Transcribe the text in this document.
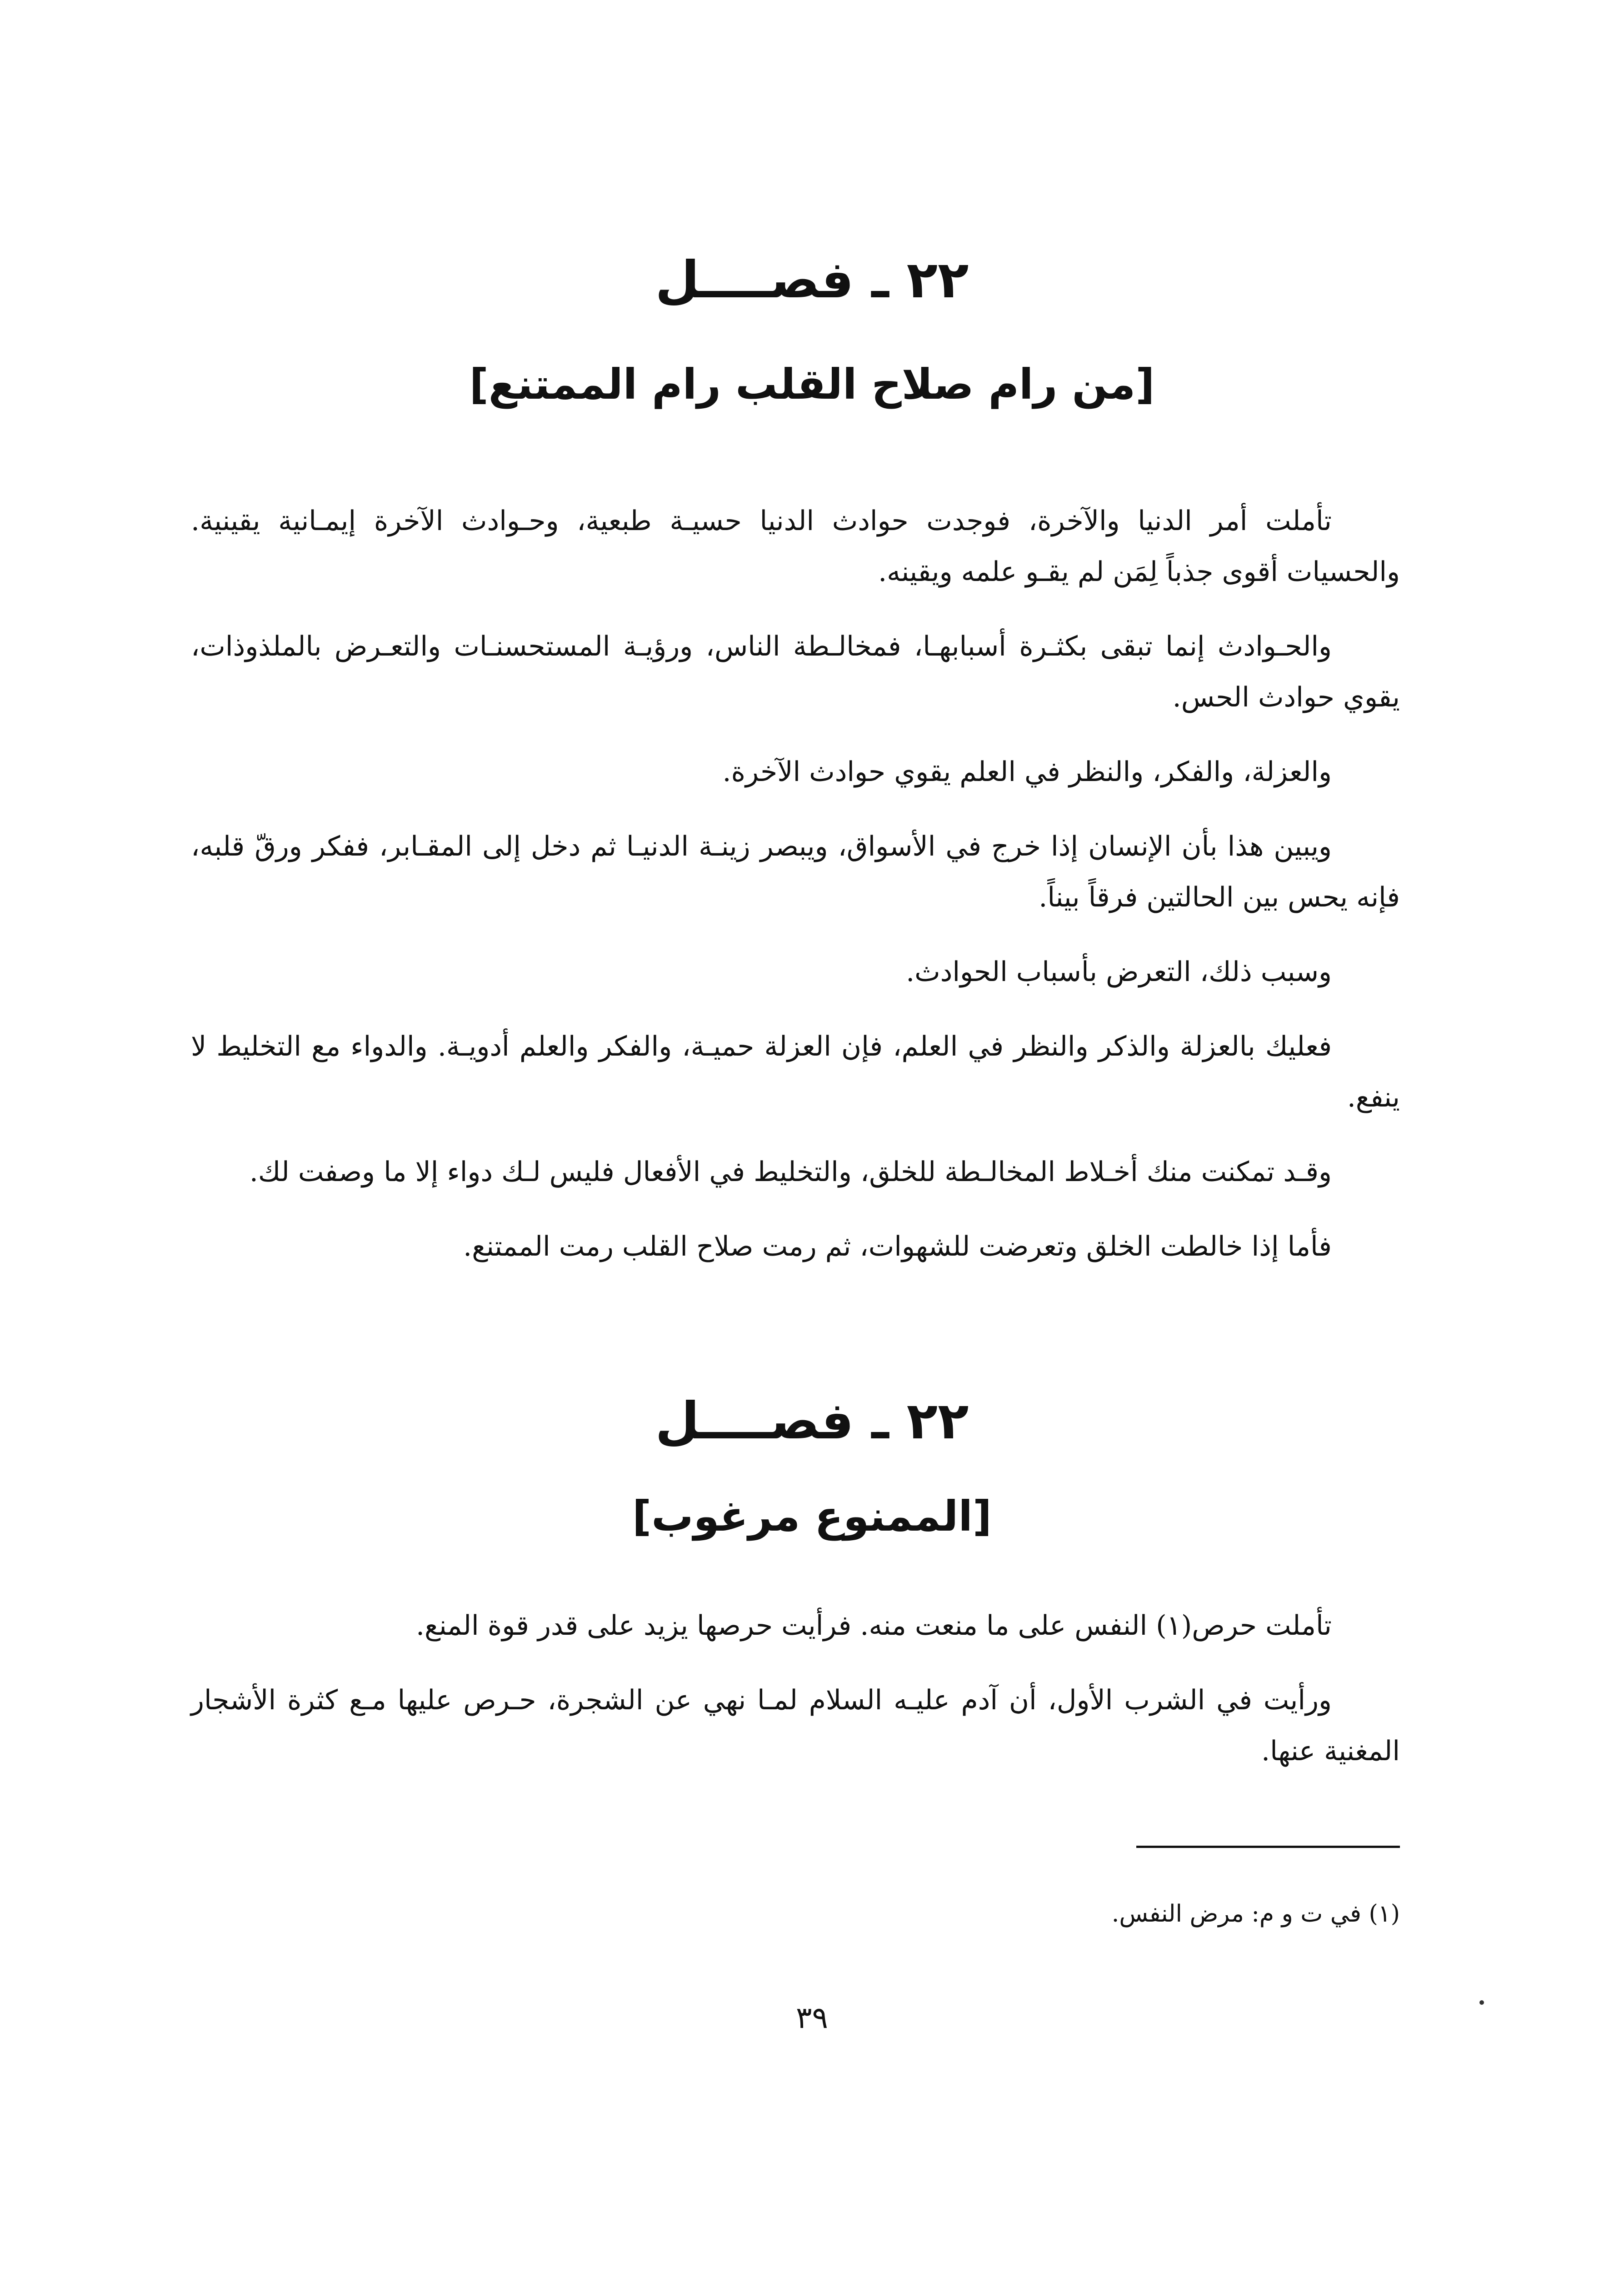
٢٢ ـ فصــــل
[من رام صلاح القلب رام الممتنع]

تأملت أمر الدنيا والآخرة، فوجدت حوادث الدنيا حسيـة طبعية، وحـوادث الآخرة إيمـانية يقينية. والحسيات أقوى جذباً لِمَن لم يقـو علمه ويقينه.

والحـوادث إنما تبقى بكثـرة أسبابهـا، فمخالـطة الناس، ورؤيـة المستحسنـات والتعـرض بالملذوذات، يقوي حوادث الحس.

والعزلة، والفكر، والنظر في العلم يقوي حوادث الآخرة.

ويبين هذا بأن الإنسان إذا خرج في الأسواق، ويبصر زينـة الدنيـا ثم دخل إلى المقـابر، ففكر ورقّ قلبه، فإنه يحس بين الحالتين فرقاً بيناً.

وسبب ذلك، التعرض بأسباب الحوادث.

فعليك بالعزلة والذكر والنظر في العلم، فإن العزلة حميـة، والفكر والعلم أدويـة. والدواء مع التخليط لا ينفع.

وقـد تمكنت منك أخـلاط المخالـطة للخلق، والتخليط في الأفعال فليس لـك دواء إلا ما وصفت لك.

فأما إذا خالطت الخلق وتعرضت للشهوات، ثم رمت صلاح القلب رمت الممتنع.

٢٢ ـ فصــــل
[الممنوع مرغوب]

تأملت حرص(١) النفس على ما منعت منه. فرأيت حرصها يزيد على قدر قوة المنع.

ورأيت في الشرب الأول، أن آدم عليـه السلام لمـا نهي عن الشجرة، حـرص عليها مـع كثرة الأشجار المغنية عنها.

(١) في ت و م: مرض النفس.
٣٩
